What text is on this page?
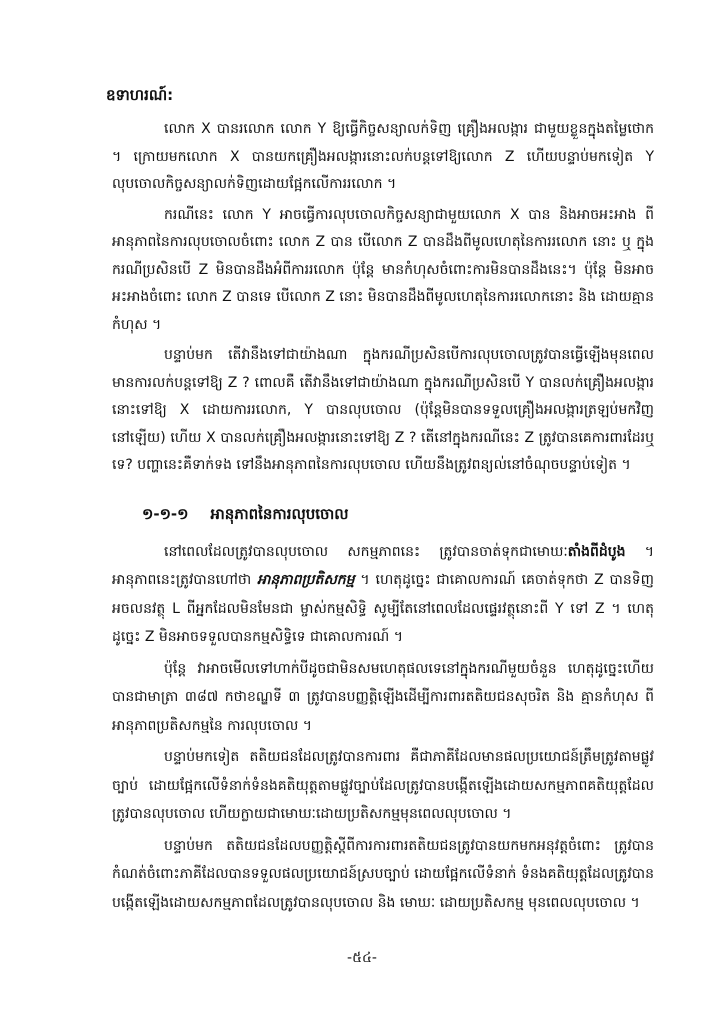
ឧទាហរណ៍:

លោក X បានរលោក លោក Y ឱ្យធ្វើកិច្ចសន្យាលក់ទិញ គ្រឿងអលង្ការ ជាមួយខ្លួនក្នុងតម្លៃថោក ។ ក្រោយមកលោក X បានយកគ្រឿងអលង្ការនោះលក់បន្តទៅឱ្យលោក Z ហើយបន្ទាប់មកទៀត Y លុបចោលកិច្ចសន្យាលក់ទិញដោយផ្អែកលើការរលោក ។

ករណីនេះ លោក Y អាចធ្វើការលុបចោលកិច្ចសន្យាជាមួយលោក X បាន និងអាចអះអាង ពីអានុភាពនៃការលុបចោលចំពោះ លោក Z បាន បើលោក Z បានដឹងពីមូលហេតុនៃការរលោក នោះ ឬ ក្នុងករណីប្រសិនបើ Z មិនបានដឹងអំពីការរលោក ប៉ុន្តែ មានកំហុសចំពោះការមិនបានដឹងនេះ។ ប៉ុន្តែ មិនអាច អះអាងចំពោះ លោក Z បានទេ បើលោក Z នោះ មិនបានដឹងពីមូលហេតុនៃការរលោកនោះ និង ដោយគ្មានកំហុស ។

បន្ទាប់មក តើវានឹងទៅជាយ៉ាងណា ក្នុងករណីប្រសិនបើការលុបចោលត្រូវបានធ្វើឡើងមុនពេលមានការលក់បន្តទៅឱ្យ Z ? ពោលគឺ តើវានឹងទៅជាយ៉ាងណា ក្នុងករណីប្រសិនបើ Y បានលក់គ្រឿងអលង្ការនោះទៅឱ្យ X ដោយការរលោក, Y បានលុបចោល (ប៉ុន្តែមិនបានទទួលគ្រឿងអលង្ការត្រឡប់មកវិញនៅឡើយ) ហើយ X បានលក់គ្រឿងអលង្ការនោះទៅឱ្យ Z ? តើនៅក្នុងករណីនេះ Z ត្រូវបានគេការពារដែរឬទេ? បញ្ហានេះគឺទាក់ទង ទៅនឹងអានុភាពនៃការលុបចោល ហើយនឹងត្រូវពន្យល់នៅចំណុចបន្ទាប់ទៀត ។

១-១-១ អានុភាពនៃការលុបចោល

នៅពេលដែលត្រូវបានលុបចោល សកម្មភាពនេះ ត្រូវបានចាត់ទុកជាមោឃៈតាំងពីដំបូង ។ អានុភាពនេះត្រូវបានហៅថា អានុភាពប្រតិសកម្ម ។ ហេតុដូច្នេះ ជាគោលការណ៍ គេចាត់ទុកថា Z បានទិញអចលនវត្ថុ L ពីអ្នកដែលមិនមែនជា ម្ចាស់កម្មសិទ្ធិ សូម្បីតែនៅពេលដែលផ្ទេរវត្ថុនោះពី Y ទៅ Z ។ ហេតុដូច្នេះ Z មិនអាចទទួលបានកម្មសិទ្ធិទេ ជាគោលការណ៍ ។

ប៉ុន្តែ វាអាចមើលទៅហាក់បីដូចជាមិនសមហេតុផលទេនៅក្នុងករណីមួយចំនួន ហេតុដូច្នេះហើយ បានជាមាត្រា ៣៨៧ កថាខណ្ឌទី ៣ ត្រូវបានបញ្ញត្តិឡើងដើម្បីការពារតតិយជនសុចរិត និង គ្មានកំហុស ពីអានុភាពប្រតិសកម្មនៃ ការលុបចោល ។

បន្ទាប់មកទៀត តតិយជនដែលត្រូវបានការពារ គឺជាភាគីដែលមានផលប្រយោជន៍ត្រឹមត្រូវតាមផ្លូវច្បាប់ ដោយផ្អែកលើទំនាក់ទំនងគតិយុត្តតាមផ្លូវច្បាប់ដែលត្រូវបានបង្កើតឡើងដោយសកម្មភាពគតិយុត្តដែលត្រូវបានលុបចោល ហើយក្លាយជាមោឃៈដោយប្រតិសកម្មមុនពេលលុបចោល ។

បន្ទាប់មក តតិយជនដែលបញ្ញត្តិស្តីពីការការពារតតិយជនត្រូវបានយកមកអនុវត្តចំពោះ ត្រូវបានកំណត់ចំពោះភាគីដែលបានទទួលផលប្រយោជន៍ស្របច្បាប់ ដោយផ្អែកលើទំនាក់ ទំនងគតិយុត្តដែលត្រូវបានបង្កើតឡើងដោយសកម្មភាពដែលត្រូវបានលុបចោល និង មោឃៈ ដោយប្រតិសកម្ម មុនពេលលុបចោល ។

-៥៤-
